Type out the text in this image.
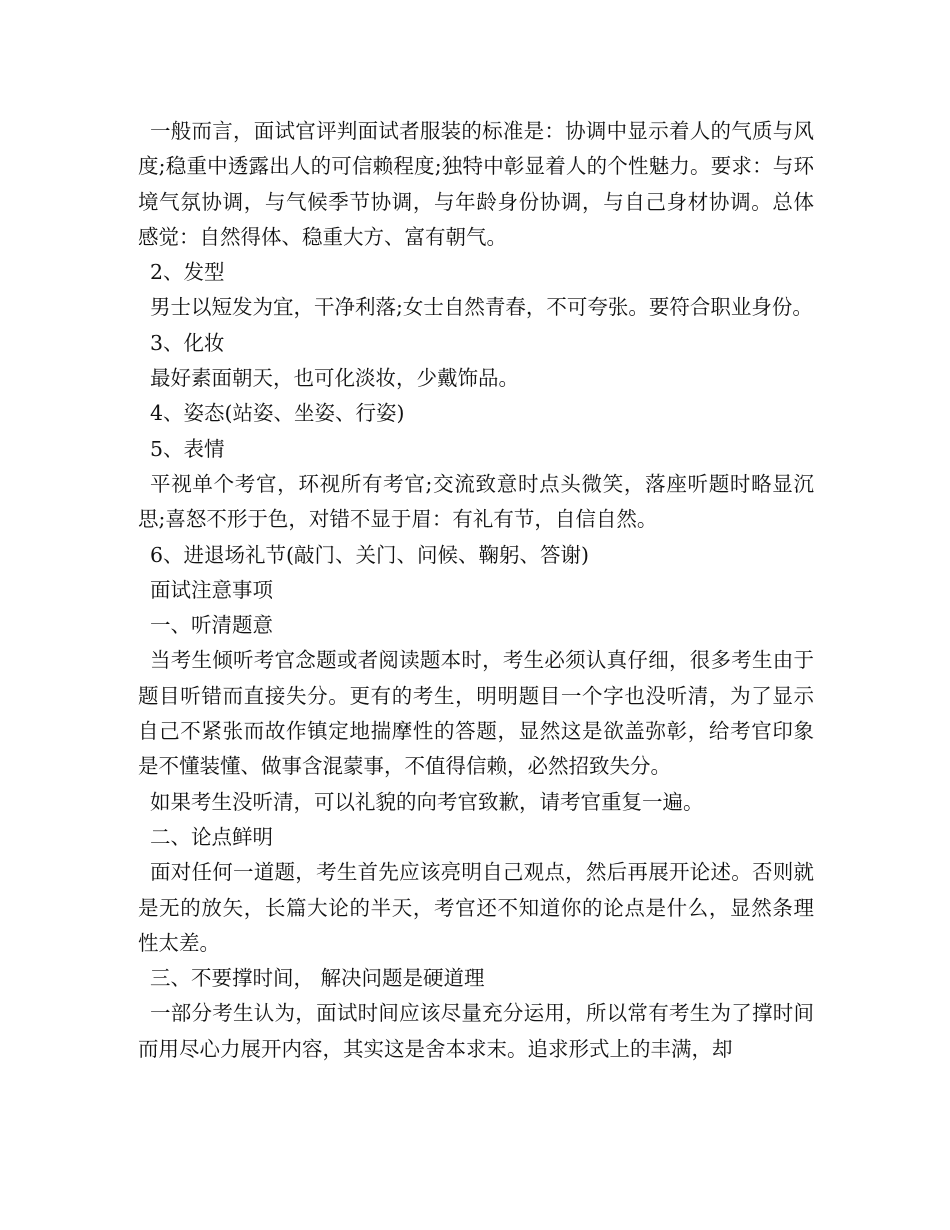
一般而言，面试官评判面试者服装的标准是：协调中显示着人的气质与风度;稳重中透露出人的可信赖程度;独特中彰显着人的个性魅力。要求：与环境气氛协调，与气候季节协调，与年龄身份协调，与自己身材协调。总体感觉：自然得体、稳重大方、富有朝气。

2、发型

男士以短发为宜，干净利落;女士自然青春，不可夸张。要符合职业身份。

3、化妆

最好素面朝天，也可化淡妆，少戴饰品。

4、姿态(站姿、坐姿、行姿)

5、表情

平视单个考官，环视所有考官;交流致意时点头微笑，落座听题时略显沉思;喜怒不形于色，对错不显于眉：有礼有节，自信自然。

6、进退场礼节(敲门、关门、问候、鞠躬、答谢)

面试注意事项

一、听清题意

当考生倾听考官念题或者阅读题本时，考生必须认真仔细，很多考生由于题目听错而直接失分。更有的考生，明明题目一个字也没听清，为了显示自己不紧张而故作镇定地揣摩性的答题，显然这是欲盖弥彰，给考官印象是不懂装懂、做事含混蒙事，不值得信赖，必然招致失分。

如果考生没听清，可以礼貌的向考官致歉，请考官重复一遍。

二、论点鲜明

面对任何一道题，考生首先应该亮明自己观点，然后再展开论述。否则就是无的放矢，长篇大论的半天，考官还不知道你的论点是什么，显然条理性太差。

三、不要撑时间， 解决问题是硬道理

一部分考生认为，面试时间应该尽量充分运用，所以常有考生为了撑时间而用尽心力展开内容，其实这是舍本求末。追求形式上的丰满，却
